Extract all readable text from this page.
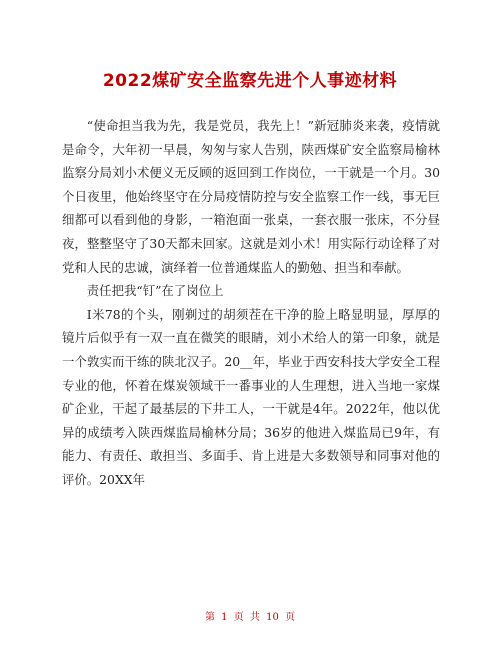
2022煤矿安全监察先进个人事迹材料

“使命担当我为先，我是党员，我先上！”新冠肺炎来袭，疫情就是命令，大年初一早晨，匆匆与家人告别，陕西煤矿安全监察局榆林监察分局刘小术便义无反顾的返回到工作岗位，一干就是一个月。30个日夜里，他始终坚守在分局疫情防控与安全监察工作一线，事无巨细都可以看到他的身影，一箱泡面一张桌，一套衣服一张床，不分昼夜，整整坚守了30天都未回家。这就是刘小术！用实际行动诠释了对党和人民的忠诚，演绎着一位普通煤监人的勤勉、担当和奉献。

责任把我“钉”在了岗位上

I米78的个头，刚剃过的胡须茬在干净的脸上略显明显，厚厚的镜片后似乎有一双一直在微笑的眼睛，刘小术给人的第一印象，就是一个敦实而干练的陕北汉子。20__年，毕业于西安科技大学安全工程专业的他，怀着在煤炭领域干一番事业的人生理想，进入当地一家煤矿企业，干起了最基层的下井工人，一干就是4年。2022年，他以优异的成绩考入陕西煤监局榆林分局；36岁的他进入煤监局已9年，有能力、有责任、敢担当、多面手、肯上进是大多数领导和同事对他的评价。20XX年

第 1 页 共 10 页
